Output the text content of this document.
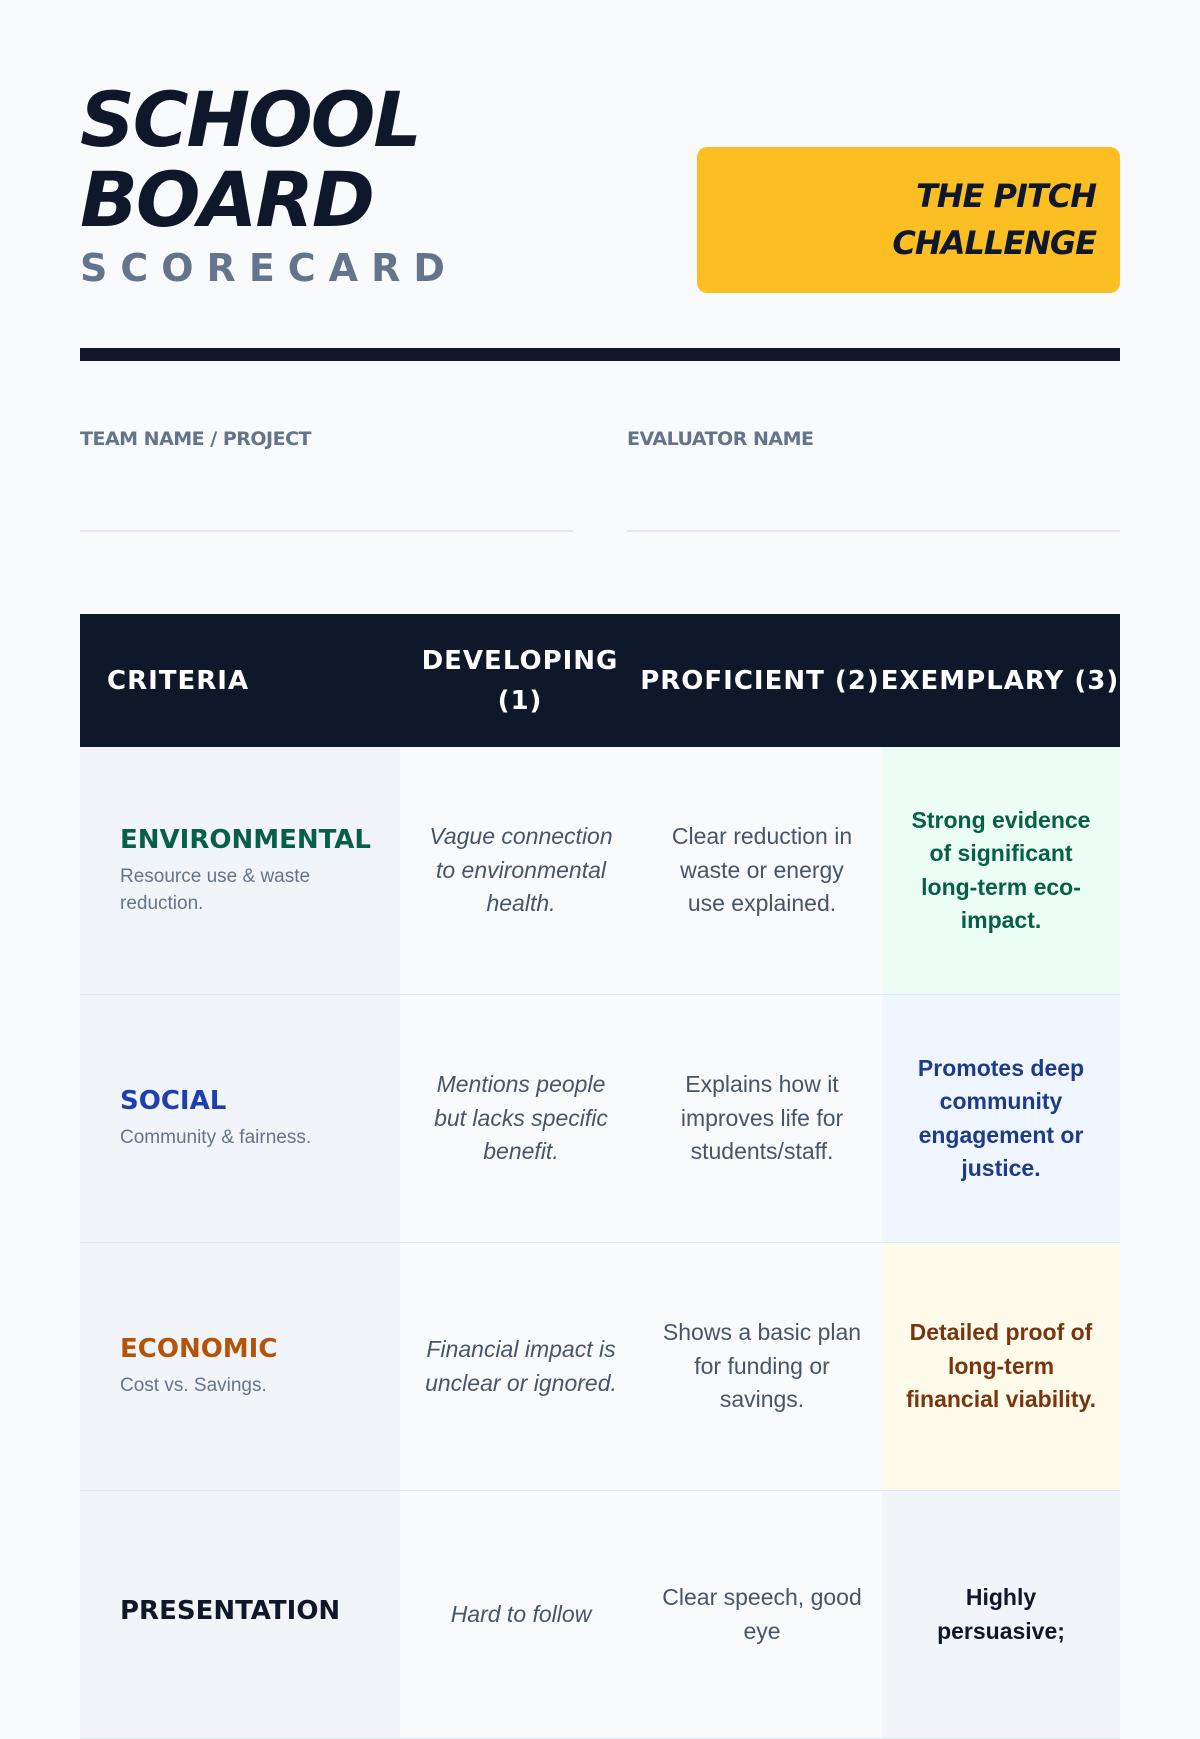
SCHOOL
BOARD
SCORECARD
THE PITCH
CHALLENGE
TEAM NAME / PROJECT	EVALUATOR NAME
CRITERIA
DEVELOPING (1)
PROFICIENT (2) EXEMPLARY (3)
ENVIRONMENTAL
Resource use & waste reduction.
Vague connection to environmental health.
Clear reduction in waste or energy use explained.
Strong evidence of significant long-term eco-impact.
SOCIAL
Community & fairness.
Mentions people but lacks specific benefit.
Explains how it improves life for students/staff.
Promotes deep community engagement or justice.
ECONOMIC
Cost vs. Savings.
Financial impact is unclear or ignored.
Shows a basic plan for funding or savings.
Detailed proof of long-term financial viability.
PRESENTATION	Hard to follow
Clear speech, good eye
Highly persuasive;
